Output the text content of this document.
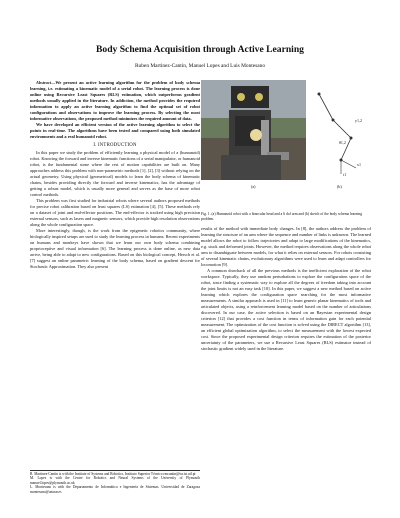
Body Schema Acquisition through Active Learning
Ruben Martinez-Cantin, Manuel Lopes and Luis Montesano

Abstract—We present an active learning algorithm for the problem of body schema learning, i.e. estimating a kinematic model of a serial robot. The learning process is done online using Recursive Least Squares (RLS) estimation, which outperforms gradient methods usually applied in the literature. In addiction, the method provides the required information to apply an active learning algorithm to find the optimal set of robot configurations and observations to improve the learning process. By selecting the most informative observations, the proposed method minimizes the required amount of data.

We have developed an efficient version of the active learning algorithm to select the points in real-time. The algorithms have been tested and compared using both simulated environments and a real humanoid robot.

I. INTRODUCTION

In this paper we study the problem of efficiently learning a physical model of a (humanoid) robot. Knowing the forward and inverse kinematic functions of a serial manipulator, or humanoid robot, is the fundamental stone where the rest of motion capabilities are built on. Many approaches address this problem with non-parametric methods [1], [2], [3] without relying on the actual geometry. Using physical (geometrical) models to learn the body schema of kinematic chains, besides providing directly the forward and inverse kinematics, has the advantage of getting a robust model, which is usually more general and serves as the base of more robot control methods.

This problem was first studied for industrial robots where several authors proposed methods for precise robot calibration based on least squares (LS) estimation [4], [5]. These methods rely on a dataset of joint and end-effector positions. The end-effector is tracked using high precision external sensors, such as lasers and magnetic sensors, which provide high resolution observations along the whole configuration space.

More interestingly, though, is the work from the epigenetic robotics community, where biologically inspired setups are used to study the learning process in humans. Recent experiments on humans and monkeys have shown that we learn our own body schema combining proprioceptive and visual information [6]. The learning process is done online, as new data arrive, being able to adapt to new configurations. Based on this biological concept, Hersch et al. [7] suggest an online parametric learning of the body schema, based on gradient descent for Stochastic Approximation. They also present

R. Martinez-Cantin is with the Institute of Systems and Robotics, Instituto Superior Técnico rmcantin@isr.ist.utl.pt

M. Lopes is with the Centre for Robotics and Neural Systems of the University of Plymouth manuel.lopes@plymouth.ac.uk

L. Montesano is with the Departamento de Informática e Ingeniería de Sistemas. Universidad de Zaragoza montesano@unizar.es

y1,2
θ1,2
x1
t1
(a)	(b)

Fig. 1. (a) Humanoid robot with a binocular head and a 6 dof arm and (b) sketch of the body schema learning problem.

results of the method with immediate body changes. In [8], the authors address the problem of learning the structure of an arm where the sequence and number of links is unknown. The learned model allows the robot to follow trajectories and adapt to large modifications of the kinematics, e.g. stuck and deformed joints. However, the method requires observations along the whole robot arm to disambiguate between models, for what it relies on external sensors. For robots consisting of several kinematic chains, evolutionary algorithms were used to learn and adapt controllers for locomotion [9].

A common drawback of all the previous methods is the inefficient exploration of the robot workspace. Typically, they use random perturbations to explore the configuration space of the robot, since finding a systematic way to explore all the degrees of freedom taking into account the joint limits is not an easy task [10]. In this paper, we suggest a new method based on active learning which explores the configuration space searching for the most informative measurements. A similar approach is used in [11] to learn generic planar kinematics of tools and articulated objects, using a reinforcement learning model based on the number of articulations discovered. In our case, the active selection is based on an Bayesian experimental design criterion [12] that provides a cost function in terms of information gain for each potential measurement. The optimization of the cost function is solved using the DIRECT algorithm [13], an efficient global optimization algorithm, to select the measurement with the lowest expected cost. Since the proposed experimental design criterion requires the estimation of the posterior uncertainty of the parameters, we use a Recursive Least Squares (RLS) estimator instead of stochastic gradient widely used in the literature.
